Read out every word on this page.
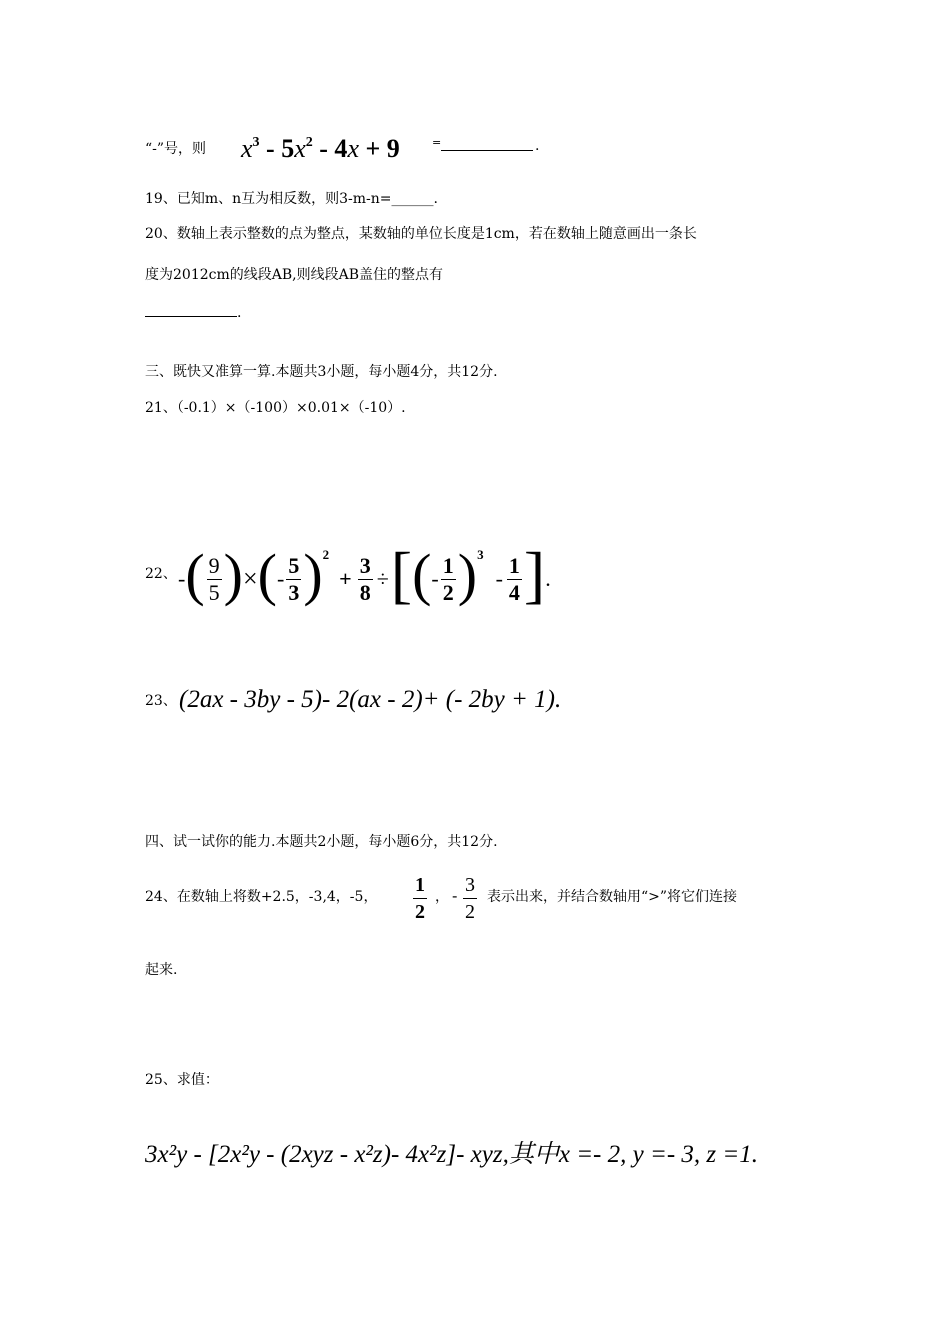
“-”号，则 $x^3 - 5x^2 - 4x + 9$	=	.
19、已知m、n互为相反数，则3-m-n=______.
20、数轴上表示整数的点为整点，某数轴的单位长度是1cm，若在数轴上随意画出一条长
度为2012cm的线段AB,则线段AB盖住的整点有
.
三、既快又准算一算.本题共3小题，每小题4分，共12分.
21、（-0.1）×（-100）×0.01×（-10）.
22、 - ( $\frac{9}{5}$ ) × ( - $\frac{5}{3}$ ) 2
+ $\frac{3}{8}$ ÷ [ ( - $\frac{1}{2}$ ) 3
- $\frac{1}{4}$ ] .
23、 (2ax - 3by - 5)- 2(ax - 2)+ (- 2by + 1).
四、试一试你的能力.本题共2小题，每小题6分，共12分.
24、在数轴上将数+2.5，-3,4，-5， $\frac{1}{2}$ ， - $\frac{3}{2}$ 表示出来，并结合数轴用“>”将它们连接
起来.
25、求值：
3x²y - [2x²y - (2xyz - x²z)- 4x²z]- xyz,其中x =- 2, y =- 3, z =1.
